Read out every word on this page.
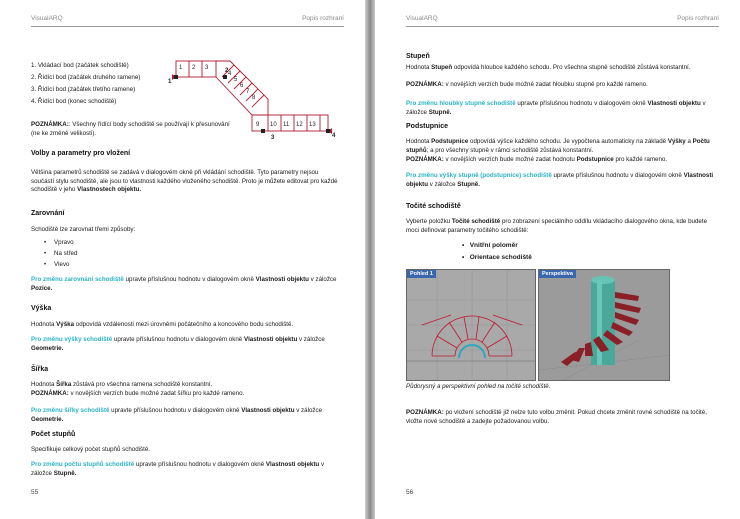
VisualARQ	Popis rozhraní
1. Vkládací bod (začátek schodiště)
2. Řídící bod (začátek druhého ramene)
3. Řídící bod (začátek třetího ramene)
4. Řídící bod (konec schodiště)
1 2 3
4
5
6
7
8
9 10 11 12 13
1
2
3	4
POZNÁMKA:: Všechny řídící body schodiště se používají k přesunování (ne ke změně velikosti).
Volby a parametry pro vložení
Většina parametrů schodiště se zadává v dialogovém okně při vkládání schodiště. Tyto parametry nejsou součástí stylu schodiště, ale jsou to vlastnosti každého vloženého schodiště. Proto je můžete editovat pro každé schodiště v jeho Vlastnostech objektu.
Zarovnání
Schodiště lze zarovnat třemi způsoby:
• Vpravo
• Na střed
• Vlevo
Pro změnu zarovnání schodiště upravte příslušnou hodnotu v dialogovém okně Vlastnosti objektu v záložce Pozice.
Výška
Hodnota Výška odpovídá vzdálenosti mezi úrovněmi počátečního a koncového bodu schodiště.
Pro změnu výšky schodiště upravte příslušnou hodnotu v dialogovém okně Vlastnosti objektu v záložce Geometrie.
Šířka
Hodnota Šířka zůstává pro všechna ramena schodiště konstantní.
POZNÁMKA: v novějších verzích bude možné zadat šířku pro každé rameno.
Pro změnu šířky schodiště upravte příslušnou hodnotu v dialogovém okně Vlastnosti objektu v záložce Geometrie.
Počet stupňů
Specifikuje celkový počet stupňů schodiště.
Pro změnu počtu stupňů schodiště upravte příslušnou hodnotu v dialogovém okně Vlastnosti objektu v záložce Stupně.
55
VisualARQ	Popis rozhraní
Stupeň
Hodnota Stupeň odpovídá hloubce každého schodu. Pro všechna stupně schodiště zůstává konstantní.
POZNÁMKA: v novějších verzích bude možné zadat hloubku stupně pro každé rameno.
Pro změnu hloubky stupně schodiště upravte příslušnou hodnotu v dialogovém okně Vlastnosti objektu v záložce Stupně.
Podstupnice
Hodnota Podstupnice odpovídá výšce každého schodu. Je vypočtena automaticky na základě Výšky a Počtu stupňů; a pro všechny stupně v rámci schodiště zůstává konstantní.
POZNÁMKA: v novějších verzích bude možné zadat hodnotu Podstupnice pro každé rameno.
Pro změnu výšky stupně (podstupnice) schodiště upravte příslušnou hodnotu v dialogovém okně Vlastnosti objektu v záložce Stupně.
Točité schodiště
Vyberte položku Točité schodiště pro zobrazení speciálního oddílu vkládacího dialogového okna, kde budete moci definovat parametry točitého schodiště:
•   Vnitřní poloměr
•   Orientace schodiště
Pohled 1	Perspektiva
Půdorysný a perspektivní pohled na točité schodiště.
POZNÁMKA: po vložení schodiště již nelze tuto volbu změnit. Pokud chcete změnit rovné schodiště na točité, vložte nové schodiště a zadejte požadovanou volbu.
56
